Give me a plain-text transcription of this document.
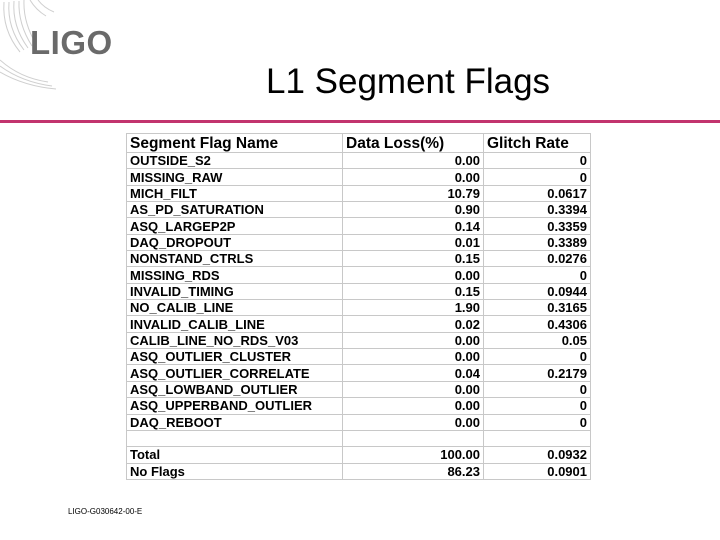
LIGO
L1 Segment Flags
Segment Flag Name	Data Loss(%)	Glitch Rate
OUTSIDE_S2	0.00	0
MISSING_RAW	0.00	0
MICH_FILT	10.79	0.0617
AS_PD_SATURATION	0.90	0.3394
ASQ_LARGEP2P	0.14	0.3359
DAQ_DROPOUT	0.01	0.3389
NONSTAND_CTRLS	0.15	0.0276
MISSING_RDS	0.00	0
INVALID_TIMING	0.15	0.0944
NO_CALIB_LINE	1.90	0.3165
INVALID_CALIB_LINE	0.02	0.4306
CALIB_LINE_NO_RDS_V03	0.00	0.05
ASQ_OUTLIER_CLUSTER	0.00	0
ASQ_OUTLIER_CORRELATE	0.04	0.2179
ASQ_LOWBAND_OUTLIER	0.00	0
ASQ_UPPERBAND_OUTLIER	0.00	0
DAQ_REBOOT	0.00	0

Total	100.00	0.0932
No Flags	86.23	0.0901
LIGO-G030642-00-E
